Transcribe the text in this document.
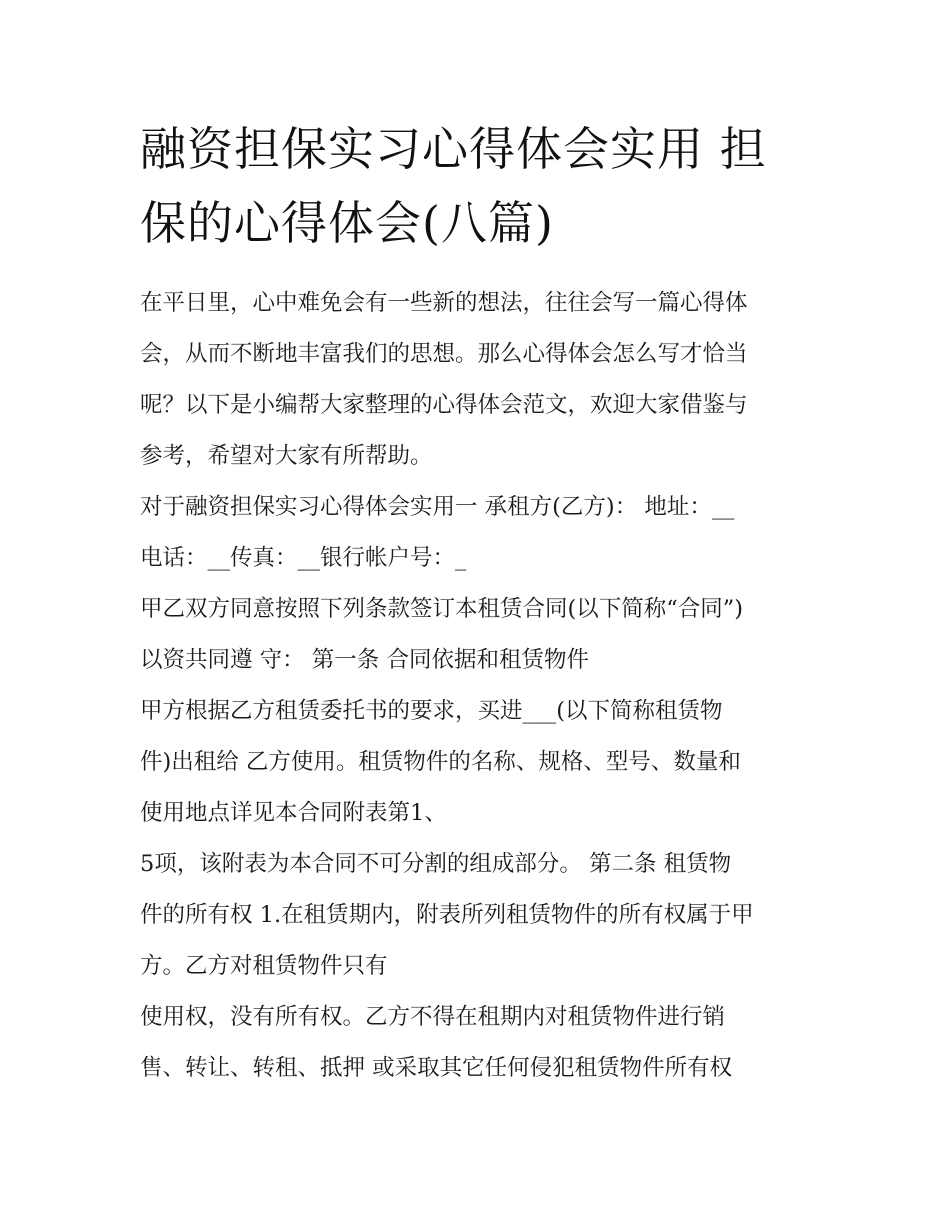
融资担保实习心得体会实用 担
保的心得体会(八篇)
在平日里，心中难免会有一些新的想法，往往会写一篇心得体
会，从而不断地丰富我们的思想。那么心得体会怎么写才恰当
呢？以下是小编帮大家整理的心得体会范文，欢迎大家借鉴与
参考，希望对大家有所帮助。
对于融资担保实习心得体会实用一 承租方(乙方)： 地址：__
电话：__传真：__银行帐户号：_
甲乙双方同意按照下列条款签订本租赁合同(以下简称“合同”)
以资共同遵 守： 第一条 合同依据和租赁物件
甲方根据乙方租赁委托书的要求，买进___(以下简称租赁物
件)出租给 乙方使用。租赁物件的名称、规格、型号、数量和
使用地点详见本合同附表第1、
5项，该附表为本合同不可分割的组成部分。 第二条 租赁物
件的所有权 1.在租赁期内，附表所列租赁物件的所有权属于甲
方。乙方对租赁物件只有
使用权，没有所有权。乙方不得在租期内对租赁物件进行销
售、转让、转租、抵押 或采取其它任何侵犯租赁物件所有权
